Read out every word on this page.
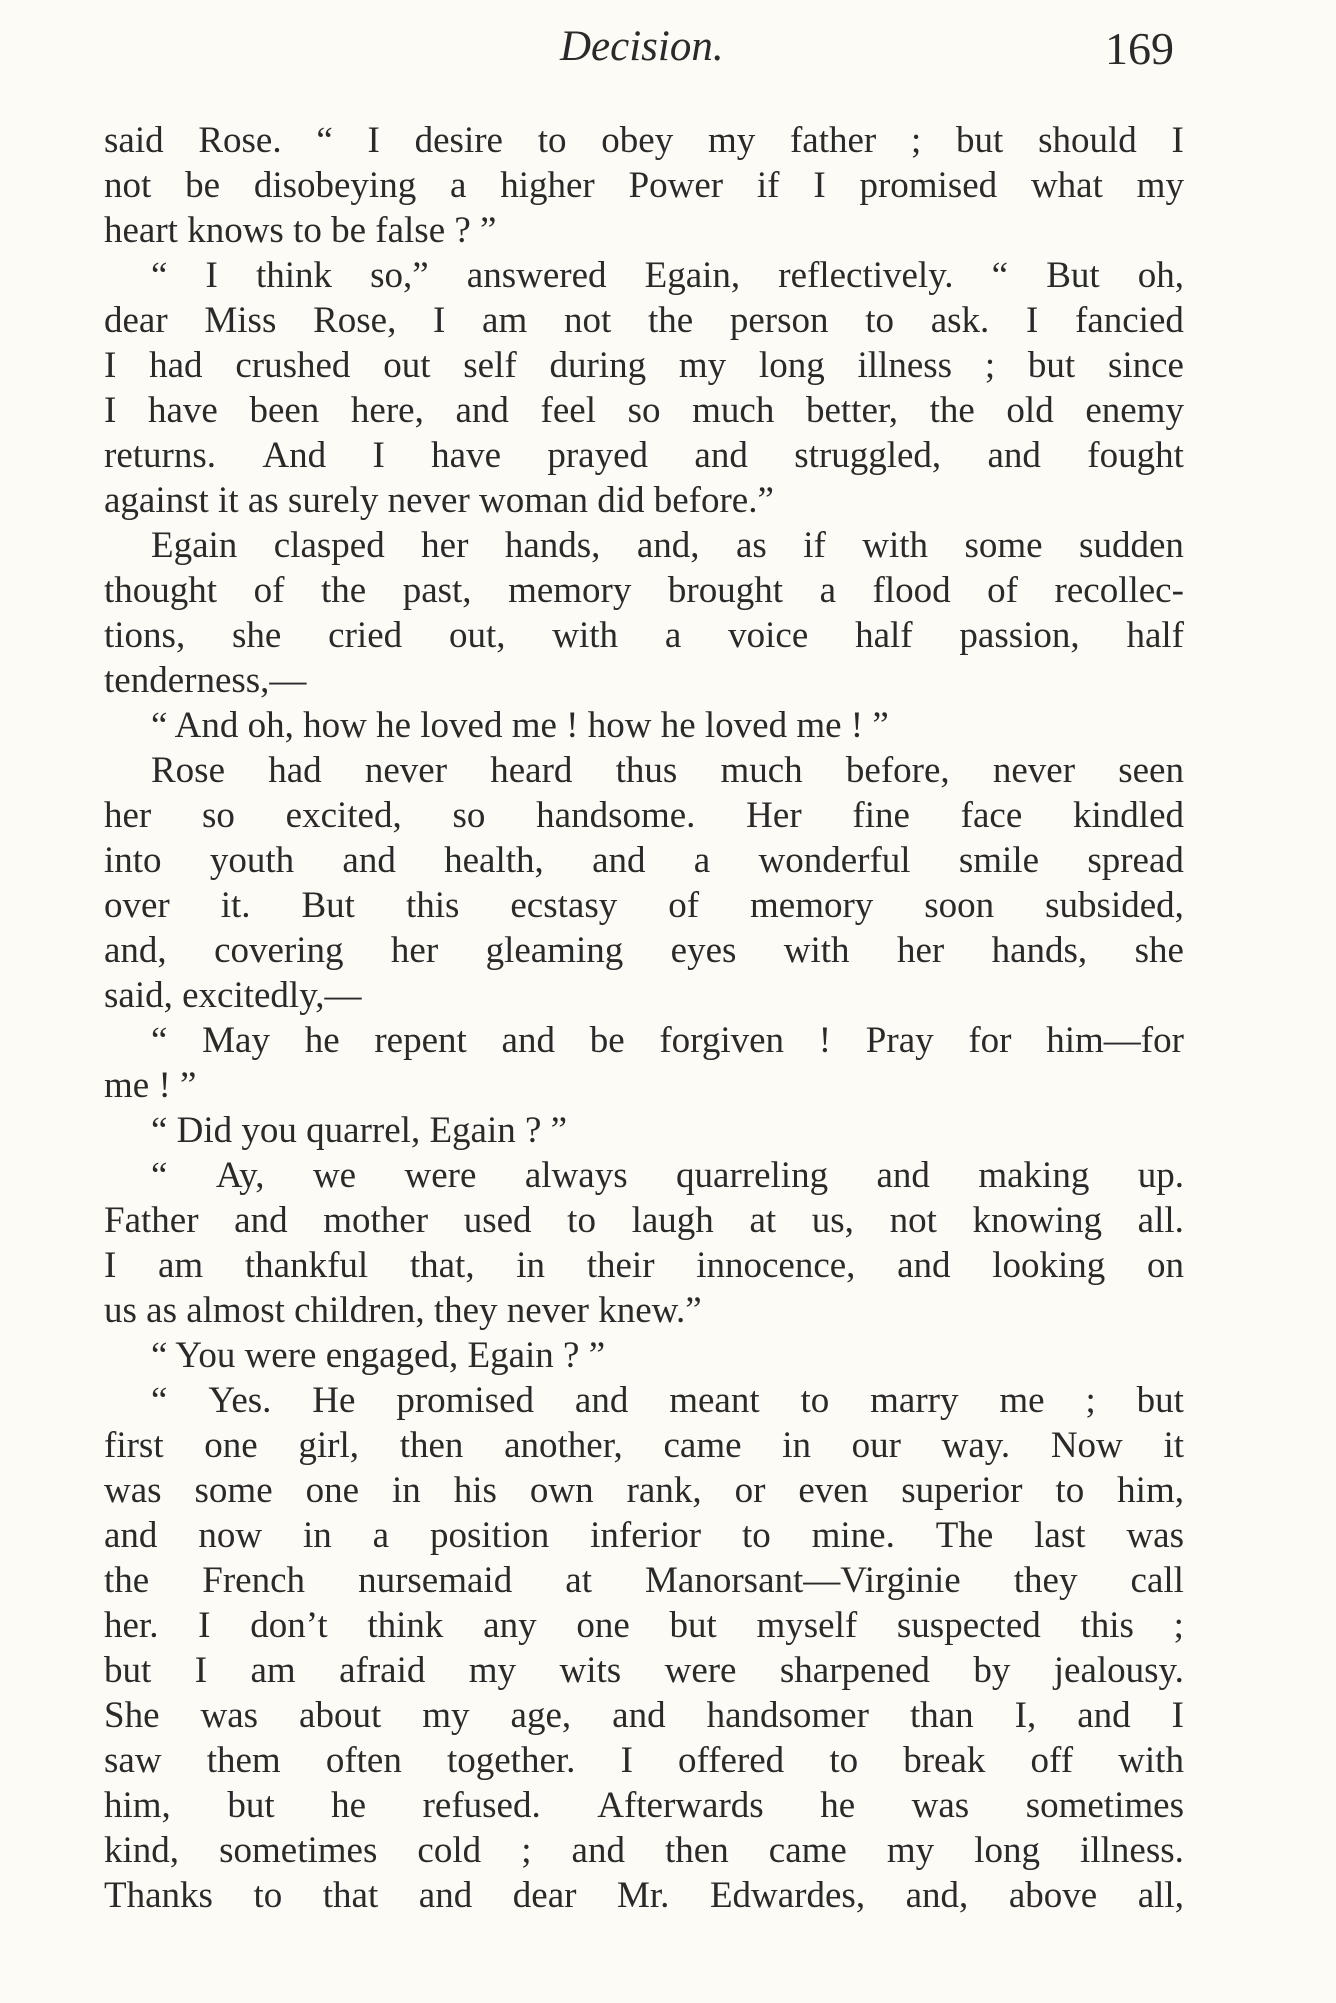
Decision.	169
said Rose. “ I desire to obey my father ; but should I
not be disobeying a higher Power if I promised what my
heart knows to be false ? ”
“ I think so,” answered Egain, reflectively. “ But oh,
dear Miss Rose, I am not the person to ask. I fancied
I had crushed out self during my long illness ; but since
I have been here, and feel so much better, the old enemy
returns. And I have prayed and struggled, and fought
against it as surely never woman did before.”
Egain clasped her hands, and, as if with some sudden
thought of the past, memory brought a flood of recollec-
tions, she cried out, with a voice half passion, half
tenderness,—
“ And oh, how he loved me ! how he loved me ! ”
Rose had never heard thus much before, never seen
her so excited, so handsome. Her fine face kindled
into youth and health, and a wonderful smile spread
over it. But this ecstasy of memory soon subsided,
and, covering her gleaming eyes with her hands, she
said, excitedly,—
“ May he repent and be forgiven ! Pray for him—for
me ! ”
“ Did you quarrel, Egain ? ”
“ Ay, we were always quarreling and making up.
Father and mother used to laugh at us, not knowing all.
I am thankful that, in their innocence, and looking on
us as almost children, they never knew.”
“ You were engaged, Egain ? ”
“ Yes. He promised and meant to marry me ; but
first one girl, then another, came in our way. Now it
was some one in his own rank, or even superior to him,
and now in a position inferior to mine. The last was
the French nursemaid at Manorsant—Virginie they call
her. I don’t think any one but myself suspected this ;
but I am afraid my wits were sharpened by jealousy.
She was about my age, and handsomer than I, and I
saw them often together. I offered to break off with
him, but he refused. Afterwards he was sometimes
kind, sometimes cold ; and then came my long illness.
Thanks to that and dear Mr. Edwardes, and, above all,
